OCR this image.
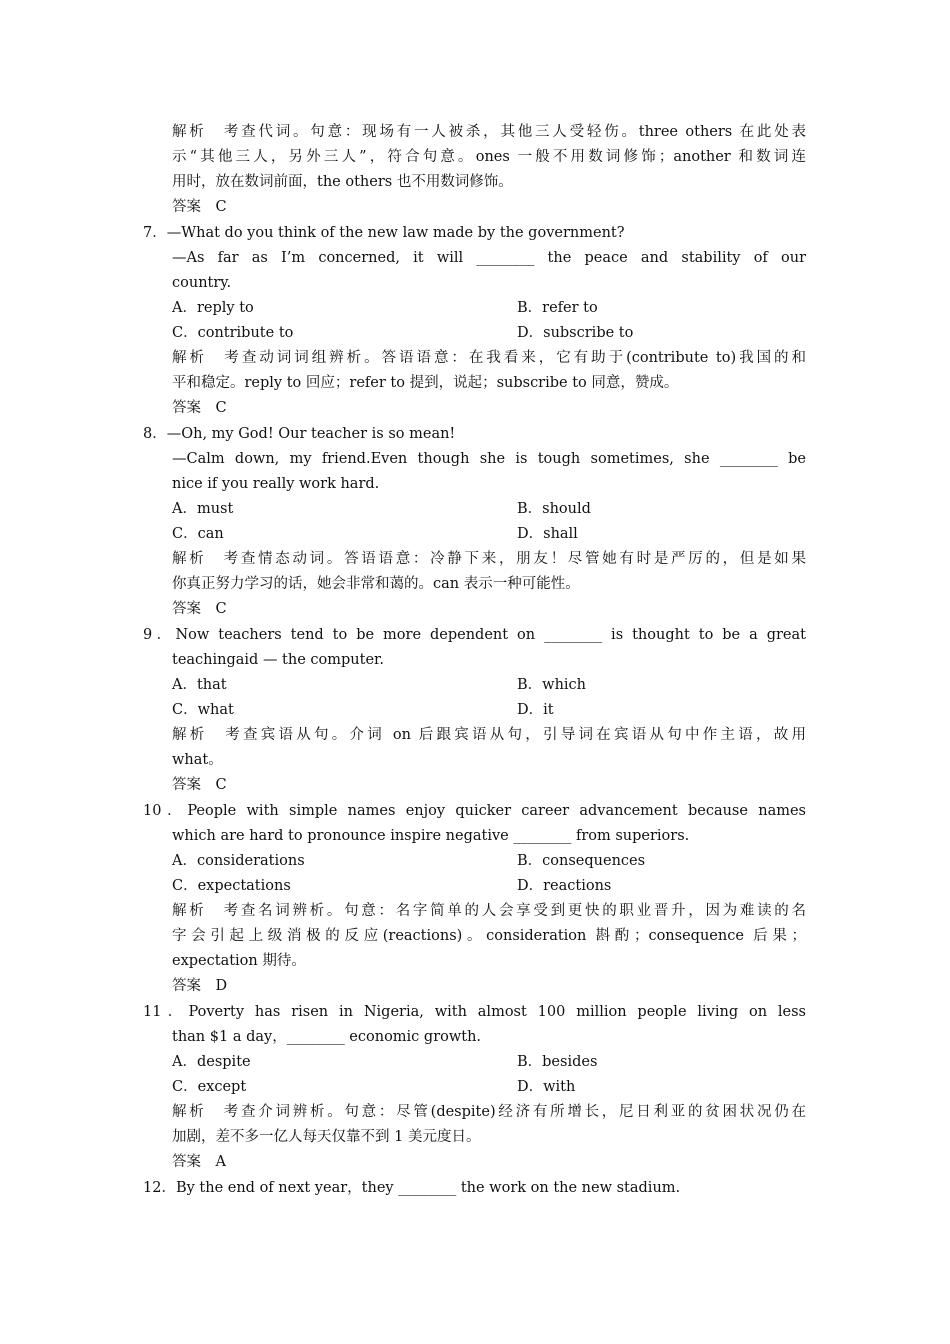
解析　考查代词。句意：现场有一人被杀，其他三人受轻伤。three others 在此处表
示“其他三人，另外三人”，符合句意。ones 一般不用数词修饰；another 和数词连
用时，放在数词前面，the others 也不用数词修饰。
答案　C
7．—What do you think of the new law made by the government?
—As far as I’m concerned, it will ________ the peace and stability of our
country.
A．reply to	B．refer to
C．contribute to	D．subscribe to
解析　考查动词词组辨析。答语语意：在我看来，它有助于(contribute to)我国的和
平和稳定。reply to 回应；refer to 提到，说起；subscribe to 同意，赞成。
答案　C
8．—Oh, my God! Our teacher is so mean!
—Calm down, my friend.Even though she is tough sometimes, she ________ be
nice if you really work hard.
A．must	B．should
C．can	D．shall
解析　考查情态动词。答语语意：冷静下来，朋友！尽管她有时是严厉的，但是如果
你真正努力学习的话，她会非常和蔼的。can 表示一种可能性。
答案　C
9．Now teachers tend to be more dependent on ________ is thought to be a great
teachingaid — the computer.
A．that	B．which
C．what	D．it
解析　考查宾语从句。介词 on 后跟宾语从句，引导词在宾语从句中作主语，故用
what。
答案　C
10．People with simple names enjoy quicker career advancement because names
which are hard to pronounce inspire negative ________ from superiors.
A．considerations	B．consequences
C．expectations	D．reactions
解析　考查名词辨析。句意：名字简单的人会享受到更快的职业晋升，因为难读的名
字会引起上级消极的反应(reactions)。consideration 斟酌；consequence 后果；
expectation 期待。
答案　D
11．Poverty has risen in Nigeria, with almost 100 million people living on less
than $1 a day，________ economic growth.
A．despite	B．besides
C．except	D．with
解析　考查介词辨析。句意：尽管(despite)经济有所增长，尼日利亚的贫困状况仍在
加剧，差不多一亿人每天仅靠不到 1 美元度日。
答案　A
12．By the end of next year，they ________ the work on the new stadium.
